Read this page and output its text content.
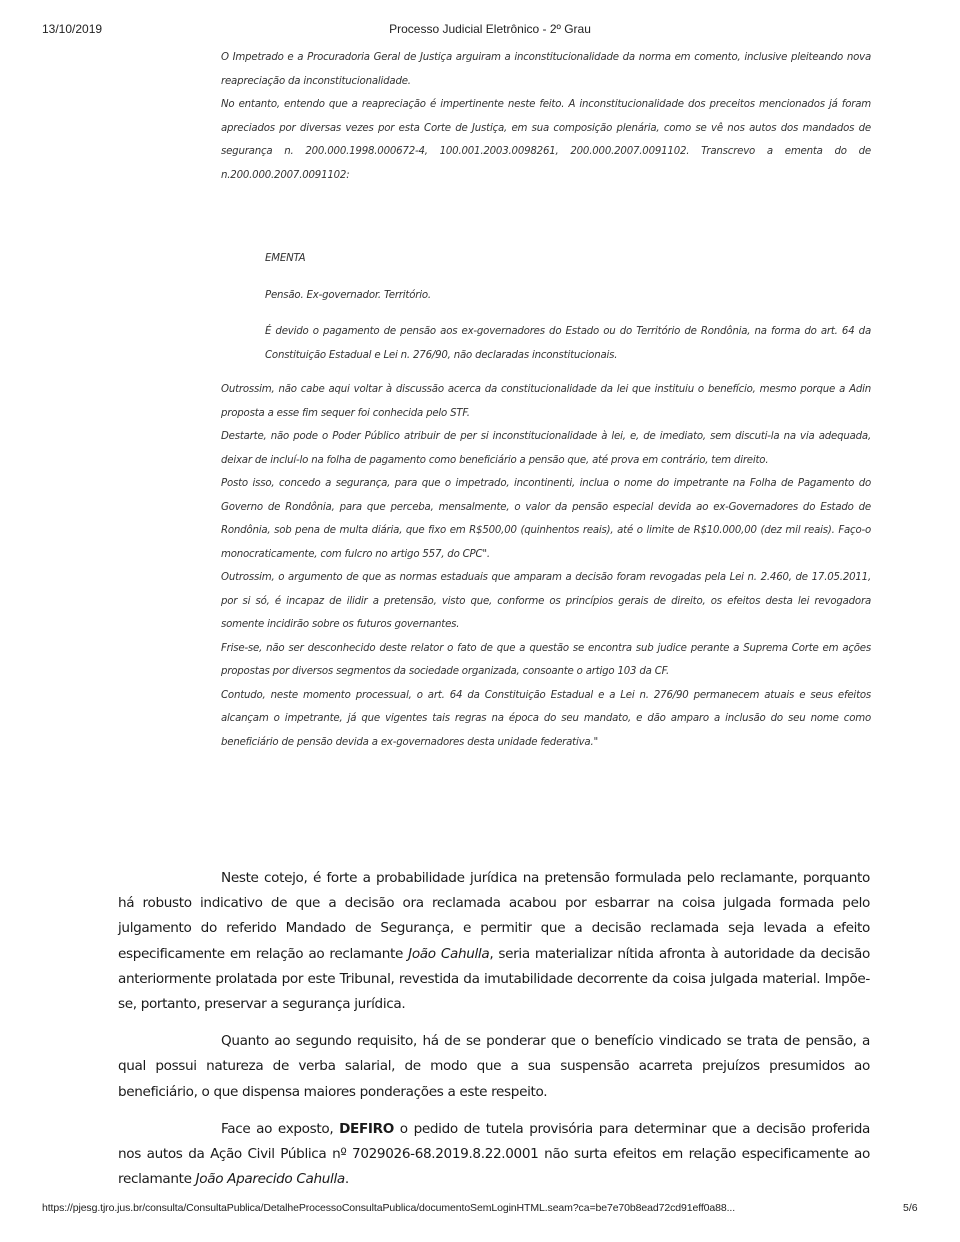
13/10/2019	Processo Judicial Eletrônico - 2º Grau

O Impetrado e a Procuradoria Geral de Justiça arguiram a inconstitucionalidade da norma em comento, inclusive pleiteando nova reapreciação da inconstitucionalidade.

No entanto, entendo que a reapreciação é impertinente neste feito. A inconstitucionalidade dos preceitos mencionados já foram apreciados por diversas vezes por esta Corte de Justiça, em sua composição plenária, como se vê nos autos dos mandados de segurança n. 200.000.1998.000672-4, 100.001.2003.0098261, 200.000.2007.0091102. Transcrevo a ementa do de n.200.000.2007.0091102:

EMENTA

Pensão. Ex-governador. Território.

É devido o pagamento de pensão aos ex-governadores do Estado ou do Território de Rondônia, na forma do art. 64 da Constituição Estadual e Lei n. 276/90, não declaradas inconstitucionais.

Outrossim, não cabe aqui voltar à discussão acerca da constitucionalidade da lei que instituiu o benefício, mesmo porque a Adin proposta a esse fim sequer foi conhecida pelo STF.

Destarte, não pode o Poder Público atribuir de per si inconstitucionalidade à lei, e, de imediato, sem discuti-la na via adequada, deixar de incluí-lo na folha de pagamento como beneficiário a pensão que, até prova em contrário, tem direito.

Posto isso, concedo a segurança, para que o impetrado, incontinenti, inclua o nome do impetrante na Folha de Pagamento do Governo de Rondônia, para que perceba, mensalmente, o valor da pensão especial devida ao ex-Governadores do Estado de Rondônia, sob pena de multa diária, que fixo em R$500,00 (quinhentos reais), até o limite de R$10.000,00 (dez mil reais). Faço-o monocraticamente, com fulcro no artigo 557, do CPC".

Outrossim, o argumento de que as normas estaduais que amparam a decisão foram revogadas pela Lei n. 2.460, de 17.05.2011, por si só, é incapaz de ilidir a pretensão, visto que, conforme os princípios gerais de direito, os efeitos desta lei revogadora somente incidirão sobre os futuros governantes.

Frise-se, não ser desconhecido deste relator o fato de que a questão se encontra sub judice perante a Suprema Corte em ações propostas por diversos segmentos da sociedade organizada, consoante o artigo 103 da CF.

Contudo, neste momento processual, o art. 64 da Constituição Estadual e a Lei n. 276/90 permanecem atuais e seus efeitos alcançam o impetrante, já que vigentes tais regras na época do seu mandato, e dão amparo a inclusão do seu nome como beneficiário de pensão devida a ex-governadores desta unidade federativa."

Neste cotejo, é forte a probabilidade jurídica na pretensão formulada pelo reclamante, porquanto há robusto indicativo de que a decisão ora reclamada acabou por esbarrar na coisa julgada formada pelo julgamento do referido Mandado de Segurança, e permitir que a decisão reclamada seja levada a efeito especificamente em relação ao reclamante João Cahulla, seria materializar nítida afronta à autoridade da decisão anteriormente prolatada por este Tribunal, revestida da imutabilidade decorrente da coisa julgada material. Impõe-se, portanto, preservar a segurança jurídica.

Quanto ao segundo requisito, há de se ponderar que o benefício vindicado se trata de pensão, a qual possui natureza de verba salarial, de modo que a sua suspensão acarreta prejuízos presumidos ao beneficiário, o que dispensa maiores ponderações a este respeito.

Face ao exposto, DEFIRO o pedido de tutela provisória para determinar que a decisão proferida nos autos da Ação Civil Pública nº 7029026-68.2019.8.22.0001 não surta efeitos em relação especificamente ao reclamante João Aparecido Cahulla.

https://pjesg.tjro.jus.br/consulta/ConsultaPublica/DetalheProcessoConsultaPublica/documentoSemLoginHTML.seam?ca=be7e70b8ead72cd91eff0a88...	5/6
